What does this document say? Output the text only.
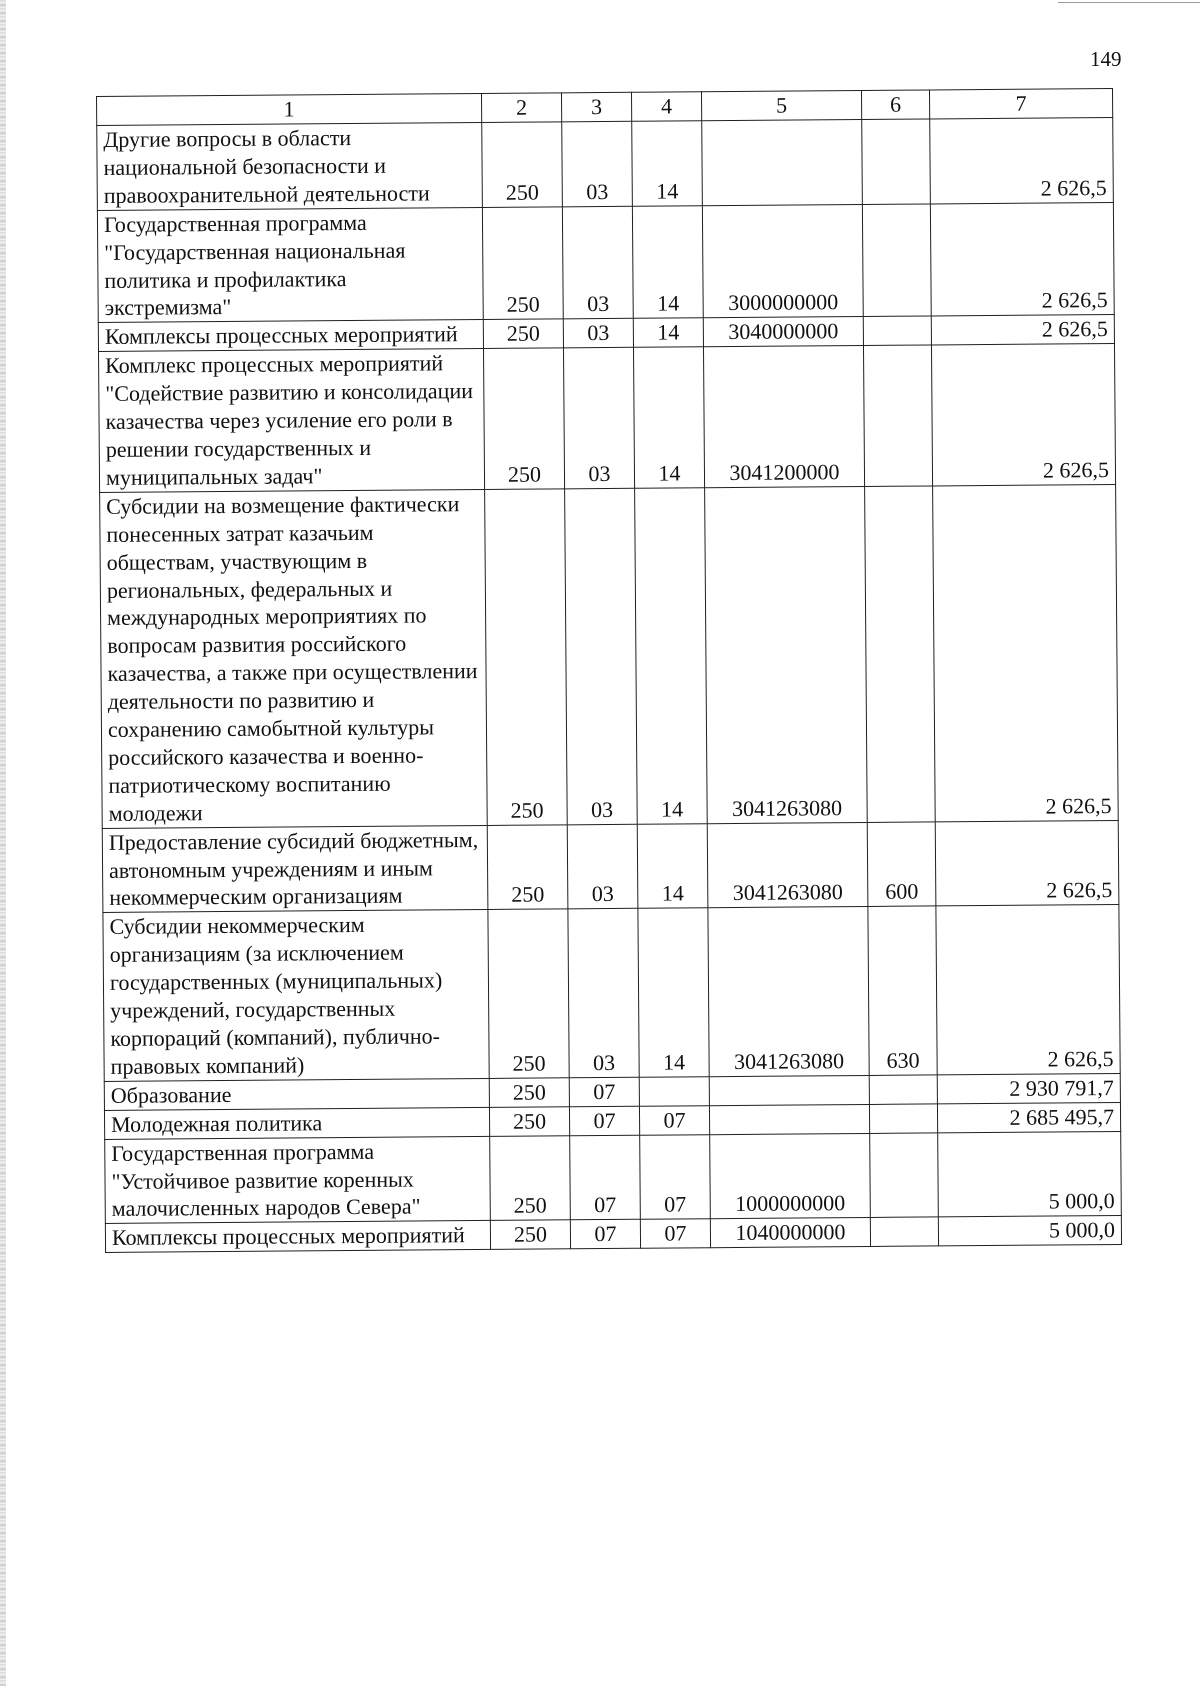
149
1	2	3	4	5	6	7
Другие вопросы в области национальной безопасности и правоохранительной деятельности	250	03	14			2 626,5
Государственная программа "Государственная национальная политика и профилактика экстремизма"	250	03	14	3000000000		2 626,5
Комплексы процессных мероприятий	250	03	14	3040000000		2 626,5
Комплекс процессных мероприятий "Содействие развитию и консолидации казачества через усиление его роли в решении государственных и муниципальных задач"	250	03	14	3041200000		2 626,5
Субсидии на возмещение фактически понесенных затрат казачьим обществам, участвующим в региональных, федеральных и международных мероприятиях по вопросам развития российского казачества, а также при осуществлении деятельности по развитию и сохранению самобытной культуры российского казачества и военно-патриотическому воспитанию молодежи	250	03	14	3041263080		2 626,5
Предоставление субсидий бюджетным, автономным учреждениям и иным некоммерческим организациям	250	03	14	3041263080	600	2 626,5
Субсидии некоммерческим организациям (за исключением государственных (муниципальных) учреждений, государственных корпораций (компаний), публично-правовых компаний)	250	03	14	3041263080	630	2 626,5
Образование	250	07				2 930 791,7
Молодежная политика	250	07	07			2 685 495,7
Государственная программа "Устойчивое развитие коренных малочисленных народов Севера"	250	07	07	1000000000		5 000,0
Комплексы процессных мероприятий	250	07	07	1040000000		5 000,0
